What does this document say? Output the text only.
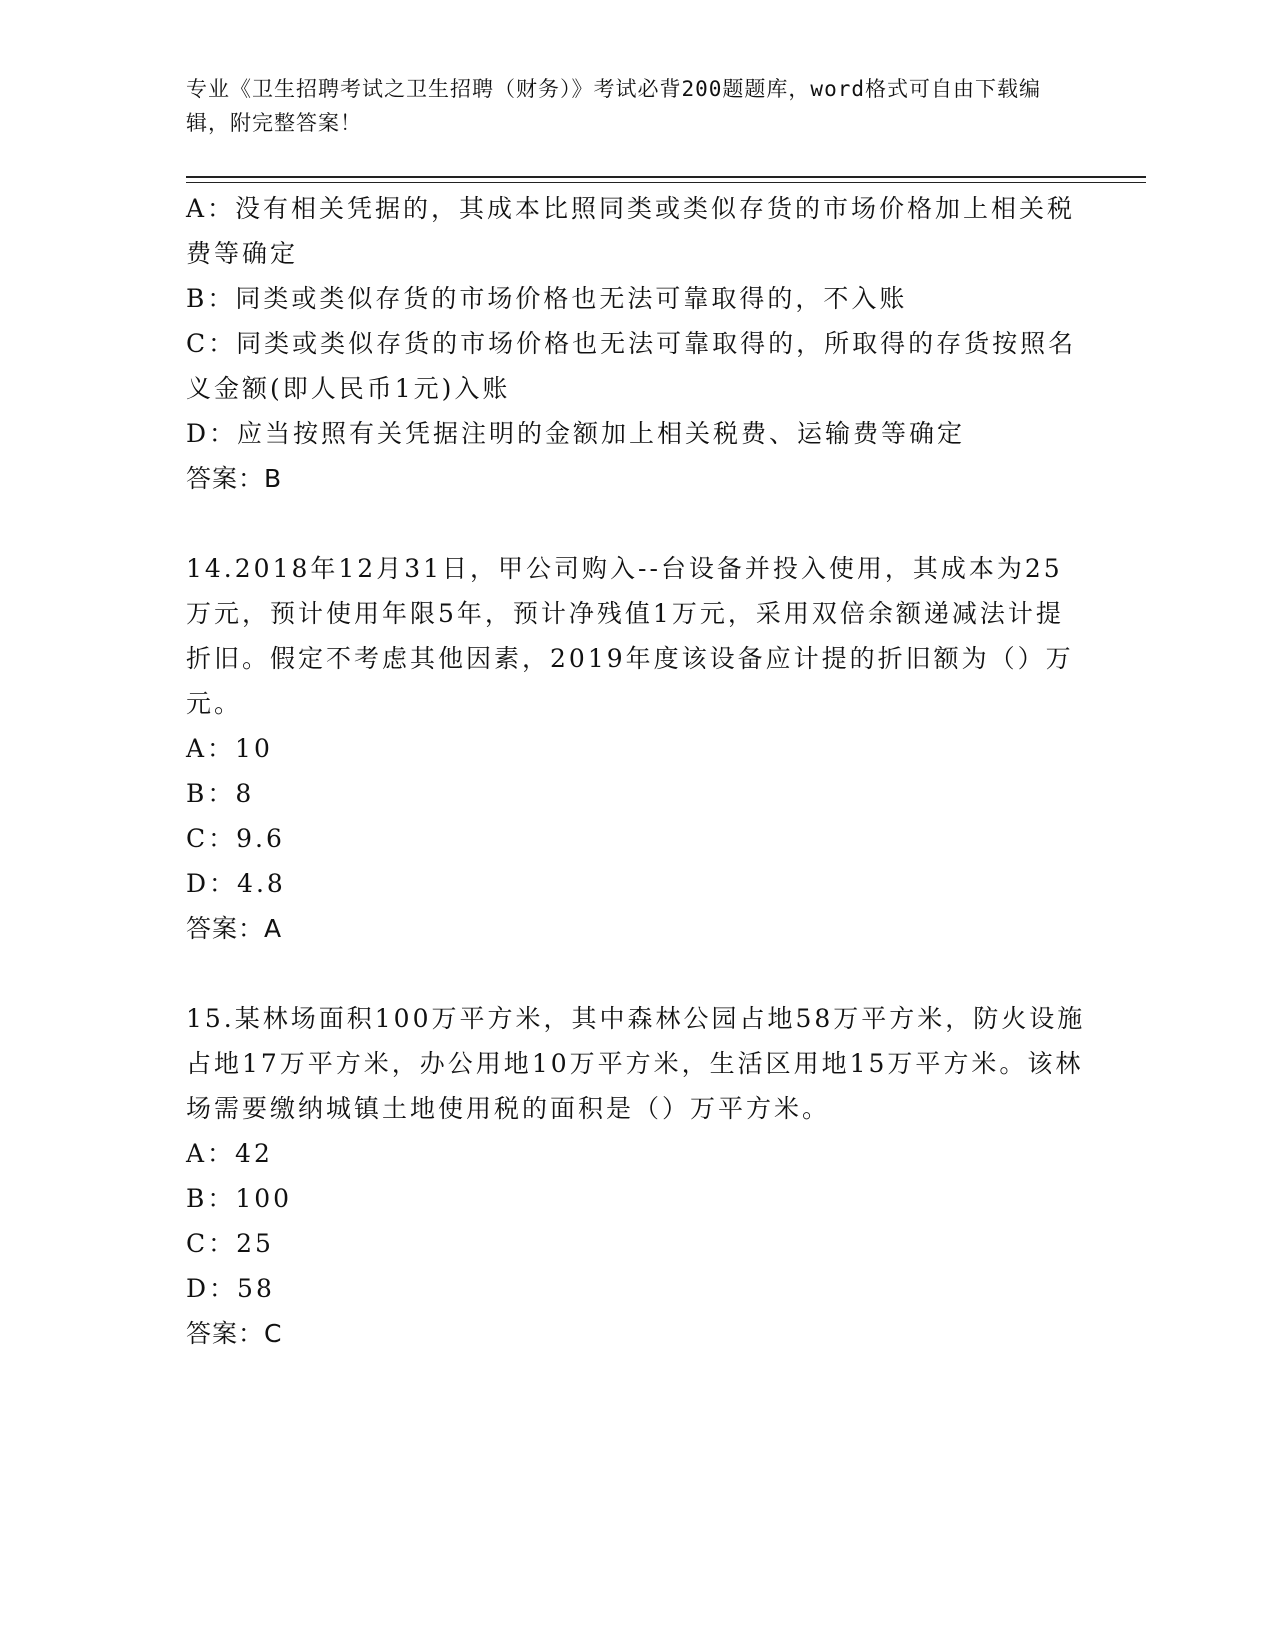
专业《卫生招聘考试之卫生招聘（财务）》考试必背200题题库，word格式可自由下载编辑，附完整答案！

A：没有相关凭据的，其成本比照同类或类似存货的市场价格加上相关税费等确定

B：同类或类似存货的市场价格也无法可靠取得的，不入账

C：同类或类似存货的市场价格也无法可靠取得的，所取得的存货按照名义金额(即人民币1元)入账

D：应当按照有关凭据注明的金额加上相关税费、运输费等确定

答案：B

14.2018年12月31日，甲公司购入--台设备并投入使用，其成本为25万元，预计使用年限5年，预计净残值1万元，采用双倍余额递减法计提折旧。假定不考虑其他因素，2019年度该设备应计提的折旧额为（）万元。

A：10

B：8

C：9.6

D：4.8

答案：A

15.某林场面积100万平方米，其中森林公园占地58万平方米，防火设施占地17万平方米，办公用地10万平方米，生活区用地15万平方米。该林场需要缴纳城镇土地使用税的面积是（）万平方米。

A：42

B：100

C：25

D：58

答案：C
